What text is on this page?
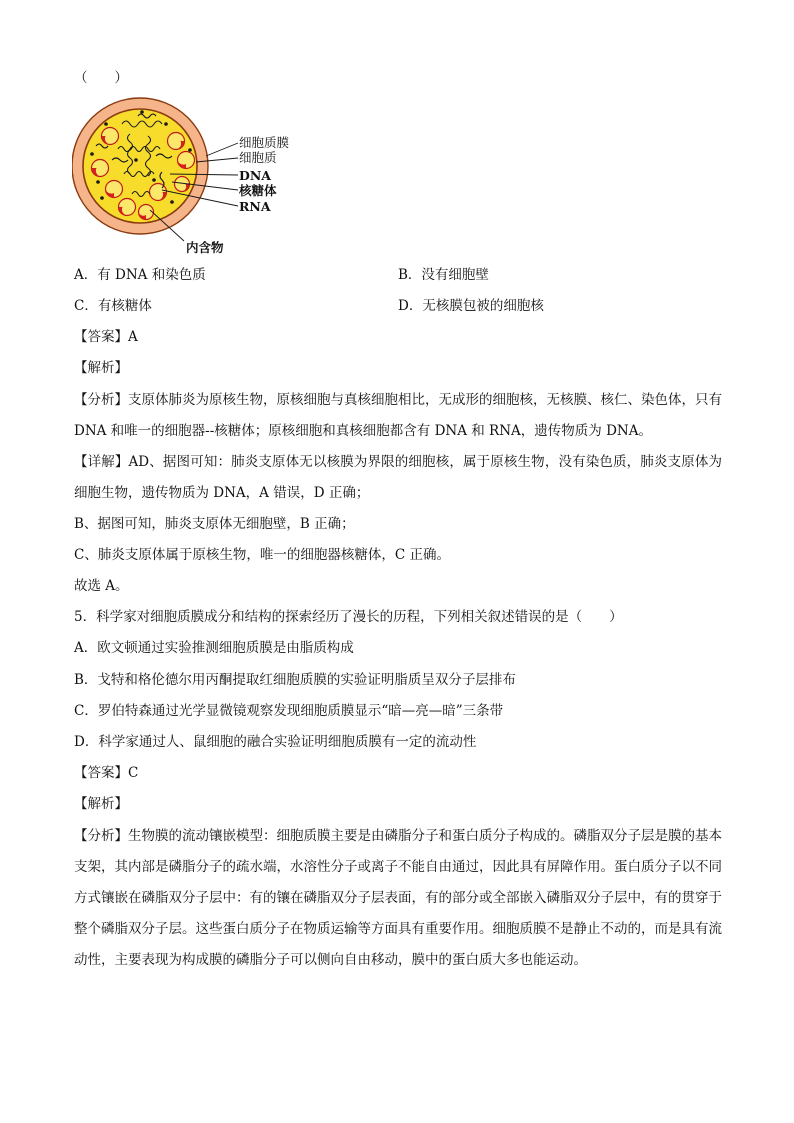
（　　）
细胞质膜
细胞质
DNA
核糖体
RNA
内含物
A．有 DNA 和染色质	B．没有细胞壁
C．有核糖体	D．无核膜包被的细胞核
【答案】A
【解析】
【分析】支原体肺炎为原核生物，原核细胞与真核细胞相比，无成形的细胞核，无核膜、核仁、染色体，只有 DNA 和唯一的细胞器--核糖体；原核细胞和真核细胞都含有 DNA 和 RNA，遗传物质为 DNA。
【详解】AD、据图可知：肺炎支原体无以核膜为界限的细胞核，属于原核生物，没有染色质，肺炎支原体为细胞生物，遗传物质为 DNA，A 错误，D 正确；
B、据图可知，肺炎支原体无细胞壁，B 正确；
C、肺炎支原体属于原核生物，唯一的细胞器核糖体，C 正确。
故选 A。
5．科学家对细胞质膜成分和结构的探索经历了漫长的历程，下列相关叙述错误的是（　　）
A．欧文顿通过实验推测细胞质膜是由脂质构成
B．戈特和格伦德尔用丙酮提取红细胞质膜的实验证明脂质呈双分子层排布
C．罗伯特森通过光学显微镜观察发现细胞质膜显示“暗—亮—暗”三条带
D．科学家通过人、鼠细胞的融合实验证明细胞质膜有一定的流动性
【答案】C
【解析】
【分析】生物膜的流动镶嵌模型：细胞质膜主要是由磷脂分子和蛋白质分子构成的。磷脂双分子层是膜的基本支架，其内部是磷脂分子的疏水端，水溶性分子或离子不能自由通过，因此具有屏障作用。蛋白质分子以不同方式镶嵌在磷脂双分子层中：有的镶在磷脂双分子层表面，有的部分或全部嵌入磷脂双分子层中，有的贯穿于整个磷脂双分子层。这些蛋白质分子在物质运输等方面具有重要作用。细胞质膜不是静止不动的，而是具有流动性，主要表现为构成膜的磷脂分子可以侧向自由移动，膜中的蛋白质大多也能运动。
